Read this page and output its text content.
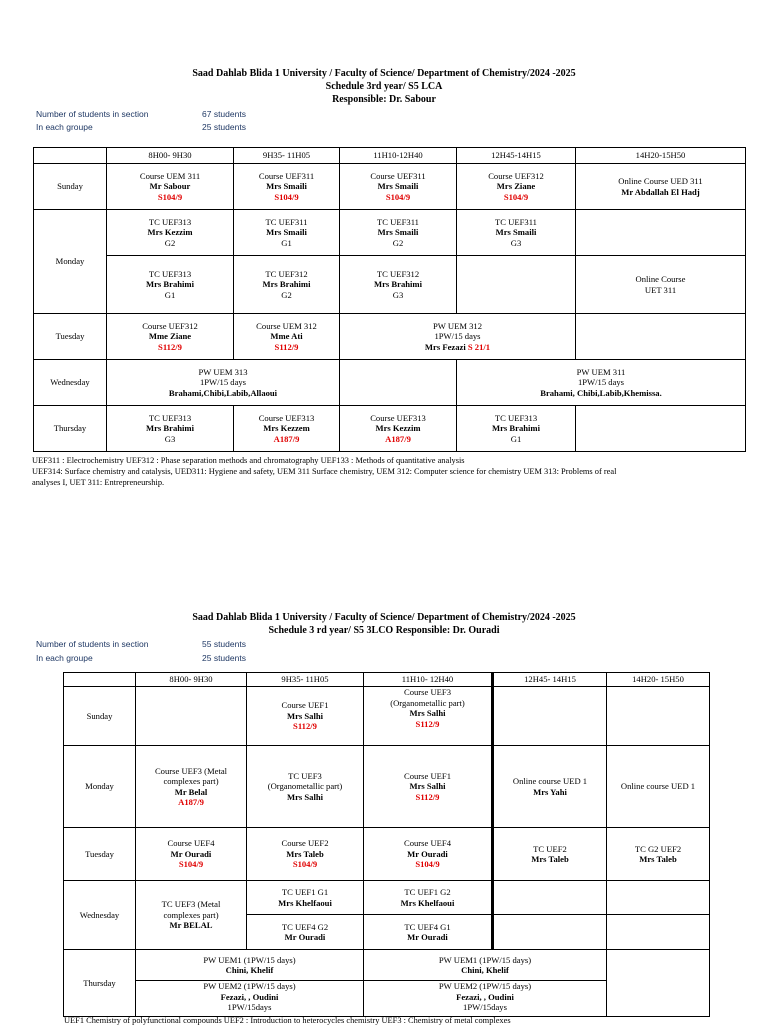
Saad Dahlab Blida 1 University / Faculty of Science/ Department of Chemistry/2024 -2025
Schedule 3rd year/ S5 LCA
Responsible: Dr. Sabour
Number of students in section	67 students
In each groupe	25 students
	8H00- 9H30	9H35- 11H05	11H10-12H40	12H45-14H15	14H20-15H50
Sunday	Course UEM 311
Mr Sabour
S104/9	Course UEF311
Mrs Smaili
S104/9	Course UEF311
Mrs Smaili
S104/9	Course UEF312
Mrs Ziane
S104/9	Online Course UED 311
Mr Abdallah El Hadj

Monday	TC UEF313
Mrs Kezzim
G2	TC UEF311
Mrs Smaili
G1	TC UEF311
Mrs Smaili
G2	TC UEF311
Mrs Smaili
G3	

	TC UEF313
Mrs Brahimi
G1	TC UEF312
Mrs Brahimi
G2	TC UEF312
Mrs Brahimi
G3		Online Course
UET 311

Tuesday	Course UEF312
Mme Ziane
S112/9	Course UEM 312
Mme Ati
S112/9	PW UEM 312
1PW/15 days
Mrs Fezazi S 21/1		

Wednesday	PW UEM 313
1PW/15 days
Brahami,Chibi,Labib,Allaoui			PW UEM 311
1PW/15 days
Brahami, Chibi,Labib,Khemissa.	

Thursday	TC UEF313
Mrs Brahimi
G3	Course UEF313
Mrs Kezzem
A187/9	Course UEF313
Mrs Kezzim
A187/9	TC UEF313
Mrs Brahimi
G1	

UEF311 : Electrochemistry UEF312 : Phase separation methods and chromatography UEF133 : Methods of quantitative analysis
UEF314: Surface chemistry and catalysis, UED311: Hygiene and safety, UEM 311 Surface chemistry, UEM 312: Computer science for chemistry UEM 313: Problems of real
analyses I, UET 311: Entrepreneurship.
Saad Dahlab Blida 1 University / Faculty of Science/ Department of Chemistry/2024 -2025
Schedule 3 rd year/ S5 3LCO Responsible: Dr. Ouradi
Number of students in section	55 students
In each groupe	25 students
	8H00- 9H30	9H35- 11H05	11H10- 12H40	12H45- 14H15	14H20- 15H50
Sunday		Course UEF1
Mrs Salhi
S112/9	Course UEF3
(Organometallic part)
Mrs Salhi
S112/9		

Monday	Course UEF3 (Metal
complexes part)
Mr Belal
A187/9	TC UEF3
(Organometallic part)
Mrs Salhi	Course UEF1
Mrs Salhi
S112/9	Online course UED 1
Mrs Yahi	Online course UED 1

Tuesday	Course UEF4
Mr Ouradi
S104/9	Course UEF2
Mrs Taleb
S104/9	Course UEF4
Mr Ouradi
S104/9	TC UEF2
Mrs Taleb	TC G2 UEF2
Mrs Taleb

Wednesday	TC UEF3 (Metal
complexes part)
Mr BELAL	TC UEF1 G1
Mrs Khelfaoui	TC UEF1 G2
Mrs Khelfaoui		

		TC UEF4 G2
Mr Ouradi	TC UEF4 G1
Mr Ouradi		

Thursday	PW UEM1 (1PW/15 days)
Chini, Khelif		PW UEM1 (1PW/15 days)
Chini, Khelif		

	PW UEM2 (1PW/15 days)
Fezazi, , Oudini
1PW/15days		PW UEM2 (1PW/15 days)
Fezazi, , Oudini
1PW/15days		
UEF1 Chemistry of polyfunctional compounds UEF2 : Introduction to heterocycles chemistry UEF3 : Chemistry of metal complexes
